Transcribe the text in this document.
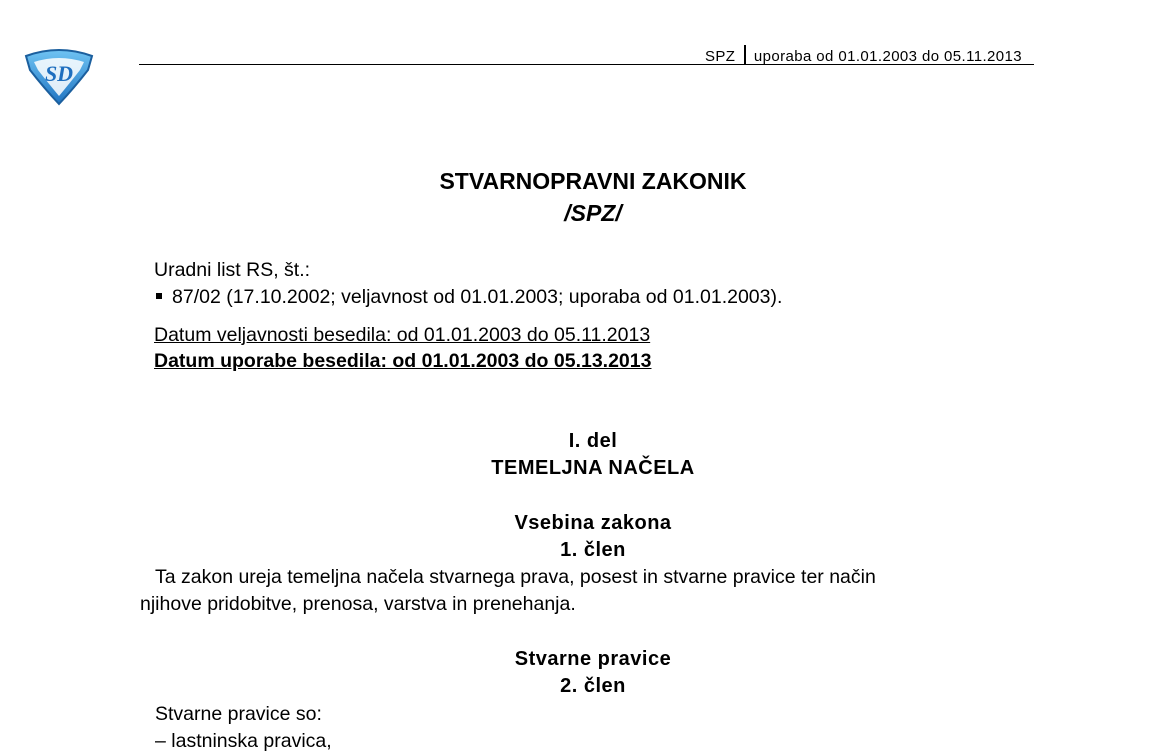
SD
SPZ uporaba od 01.01.2003 do 05.11.2013
STVARNOPRAVNI ZAKONIK
/SPZ/
Uradni list RS, št.:
87/02 (17.10.2002; veljavnost od 01.01.2003; uporaba od 01.01.2003).
Datum veljavnosti besedila: od 01.01.2003 do 05.11.2013
Datum uporabe besedila: od 01.01.2003 do 05.13.2013
I. del
TEMELJNA NAČELA
Vsebina zakona
1. člen
Ta zakon ureja temeljna načela stvarnega prava, posest in stvarne pravice ter način
njihove pridobitve, prenosa, varstva in prenehanja.
Stvarne pravice
2. člen
Stvarne pravice so:
– lastninska pravica,
